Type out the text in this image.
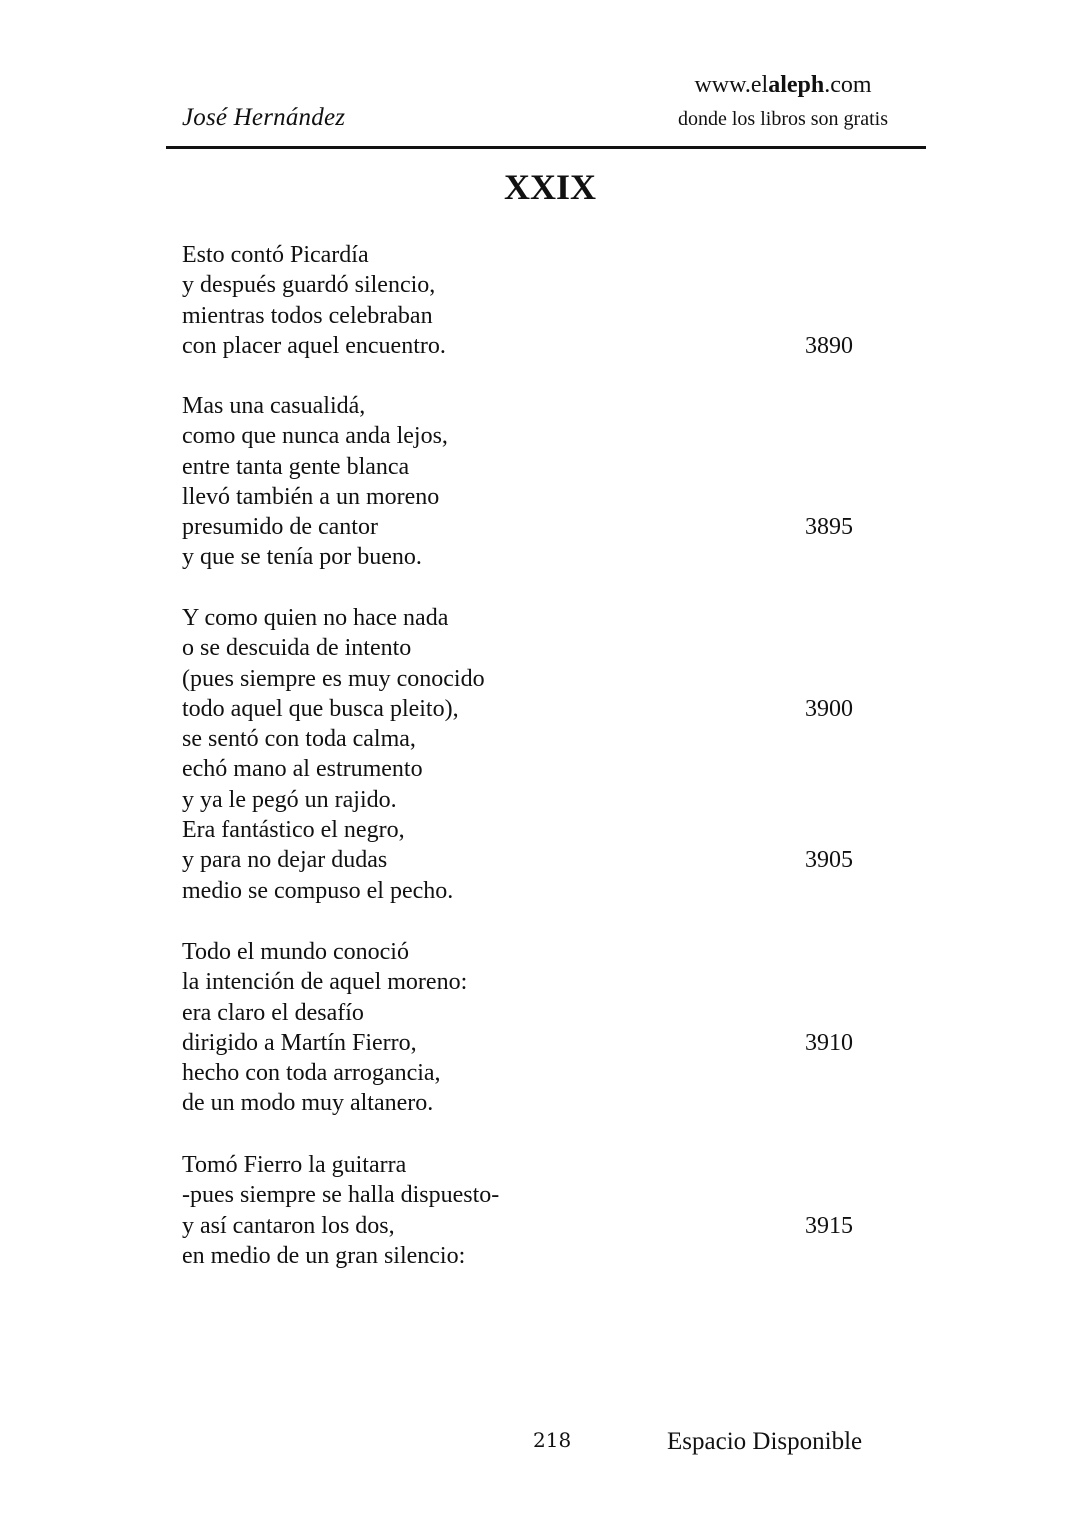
José Hernández
www.elaleph.com
donde los libros son gratis
XXIX
Esto contó Picardía
y después guardó silencio,
mientras todos celebraban
con placer aquel encuentro.	3890
Mas una casualidá,
como que nunca anda lejos,
entre tanta gente blanca
llevó también a un moreno
presumido de cantor	3895
y que se tenía por bueno.
Y como quien no hace nada
o se descuida de intento
(pues siempre es muy conocido
todo aquel que busca pleito),	3900
se sentó con toda calma,
echó mano al estrumento
y ya le pegó un rajido.
Era fantástico el negro,
y para no dejar dudas	3905
medio se compuso el pecho.
Todo el mundo conoció
la intención de aquel moreno:
era claro el desafío
dirigido a Martín Fierro,	3910
hecho con toda arrogancia,
de un modo muy altanero.
Tomó Fierro la guitarra
-pues siempre se halla dispuesto-
y así cantaron los dos,	3915
en medio de un gran silencio:
218	Espacio Disponible
